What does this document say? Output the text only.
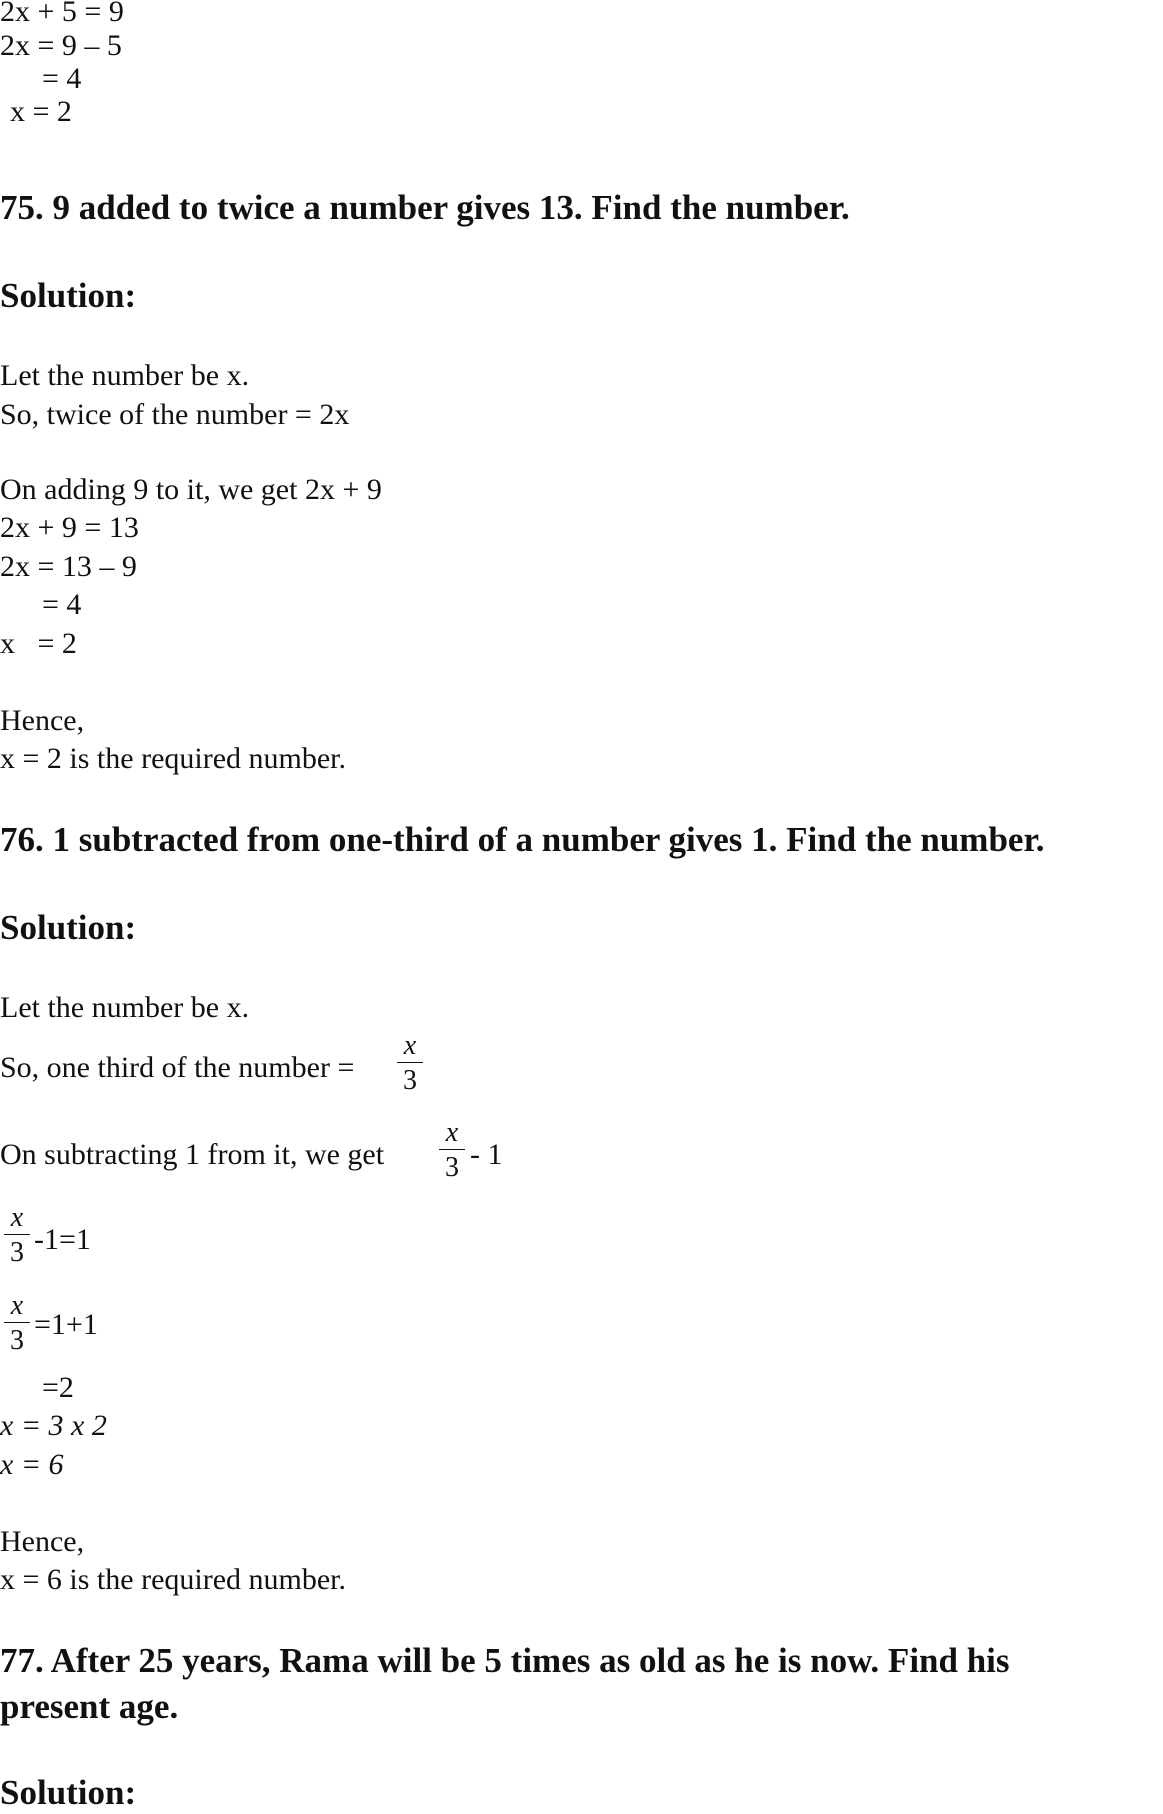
2x + 5 = 9

2x = 9 – 5

= 4

x = 2

75. 9 added to twice a number gives 13. Find the number.
Solution:

Let the number be x.

So, twice of the number = 2x

On adding 9 to it, we get 2x + 9

2x + 9 = 13

2x = 13 – 9

= 4

x   = 2

Hence,

x = 2 is the required number.

76. 1 subtracted from one-third of a number gives 1. Find the number.
Solution:

Let the number be x.

So, one third of the number =
x
3
On subtracting 1 from it, we get
x
3 - 1
x
3 -1=1
x
3 =1+1

=2

x = 3 x 2

x = 6

Hence,

x = 6 is the required number.

77. After 25 years, Rama will be 5 times as old as he is now. Find his
present age.
Solution:
